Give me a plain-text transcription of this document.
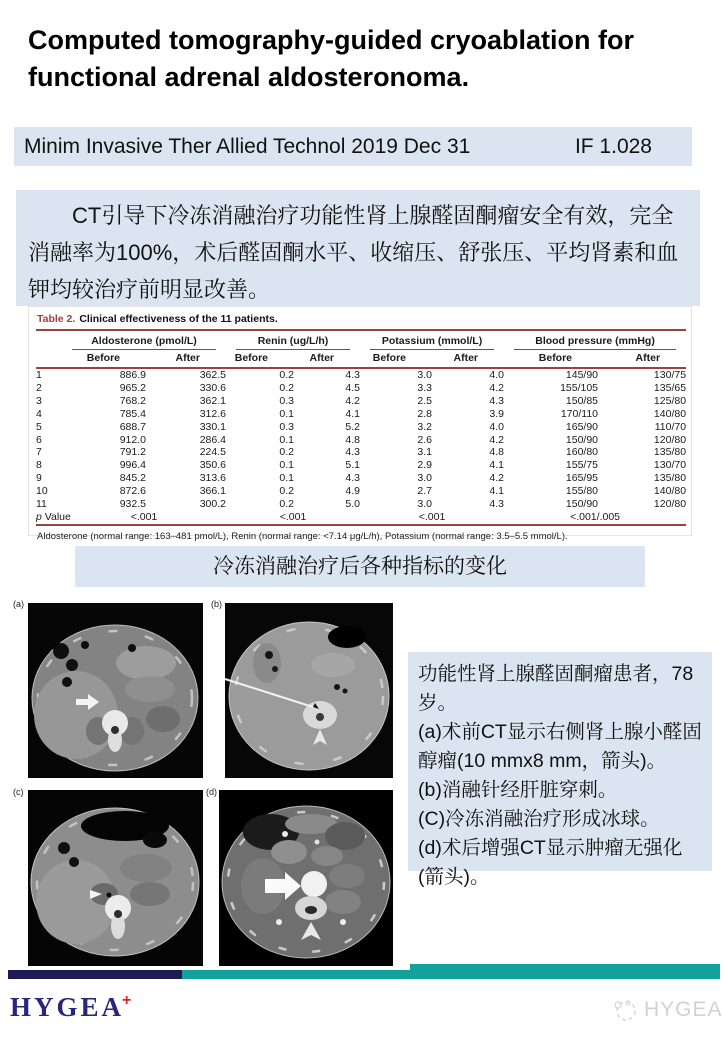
Computed tomography-guided cryoablation for functional adrenal aldosteronoma.
Minim Invasive Ther Allied Technol 2019 Dec 31	IF 1.028

CT引导下冷冻消融治疗功能性肾上腺醛固酮瘤安全有效，完全消融率为100%，术后醛固酮水平、收缩压、舒张压、平均肾素和血钾均较治疗前明显改善。

Table 2. Clinical effectiveness of the 11 patients.

	Aldosterone (pmol/L)		Renin (ug/L/h)		Potassium (mmol/L)		Blood pressure (mmHg)	

	Before	After	Before	After	Before	After	Before	After
1	886.9	362.5	0.2	4.3	3.0	4.0	145/90	130/75
2	965.2	330.6	0.2	4.5	3.3	4.2	155/105	135/65
3	768.2	362.1	0.3	4.2	2.5	4.3	150/85	125/80
4	785.4	312.6	0.1	4.1	2.8	3.9	170/110	140/80
5	688.7	330.1	0.3	5.2	3.2	4.0	165/90	110/70
6	912.0	286.4	0.1	4.8	2.6	4.2	150/90	120/80
7	791.2	224.5	0.2	4.3	3.1	4.8	160/80	135/80
8	996.4	350.6	0.1	5.1	2.9	4.1	155/75	130/70
9	845.2	313.6	0.1	4.3	3.0	4.2	165/95	135/80
10	872.6	366.1	0.2	4.9	2.7	4.1	155/80	140/80
11	932.5	300.2	0.2	5.0	3.0	4.3	150/90	120/80
p Value	<.001		<.001		<.001		<.001/.005	
Aldosterone (normal range: 163–481 pmol/L), Renin (normal range: <7.14 μg/L/h), Potassium (normal range: 3.5–5.5 mmol/L).
冷冻消融治疗后各种指标的变化
(a)	(b)
(c)	(d)
功能性肾上腺醛固酮瘤患者，78岁。
(a)术前CT显示右侧肾上腺小醛固醇瘤(10 mmx8 mm，箭头)。
(b)消融针经肝脏穿刺。
(C)冷冻消融治疗形成冰球。
(d)术后增强CT显示肿瘤无强化(箭头)。
HYGEA+	HYGEA
